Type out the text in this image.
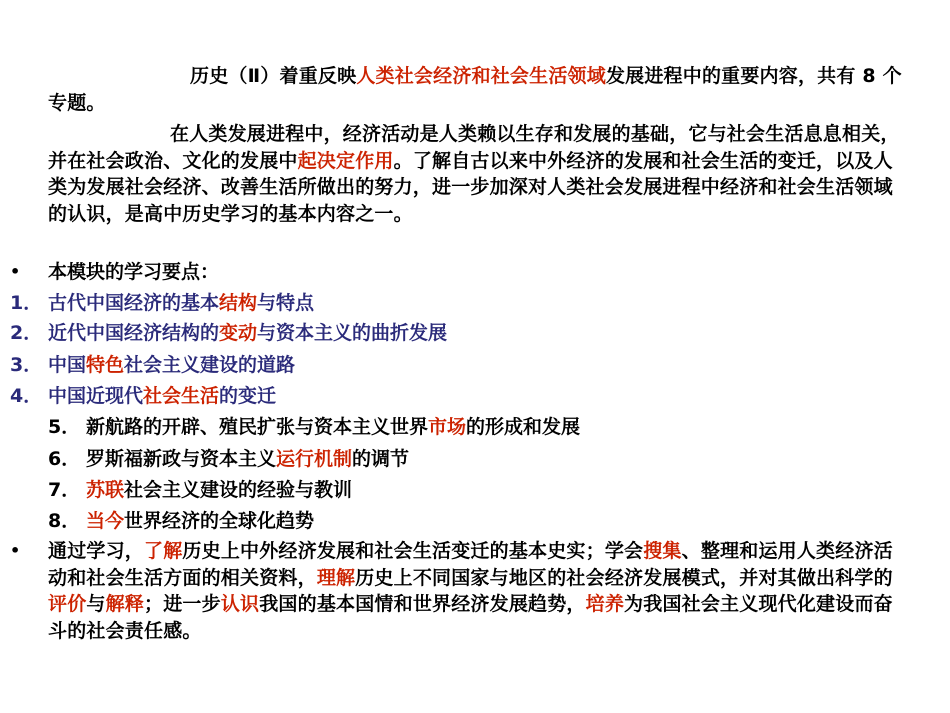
历史（Ⅱ）着重反映人类社会经济和社会生活领域发展进程中的重要内容，共有 8 个专题。
在人类发展进程中，经济活动是人类赖以生存和发展的基础，它与社会生活息息相关，并在社会政治、文化的发展中起决定作用。了解自古以来中外经济的发展和社会生活的变迁，以及人类为发展社会经济、改善生活所做出的努力，进一步加深对人类社会发展进程中经济和社会生活领域的认识，是高中历史学习的基本内容之一。
• 本模块的学习要点：
1． 古代中国经济的基本结构与特点
2． 近代中国经济结构的变动与资本主义的曲折发展
3． 中国特色社会主义建设的道路
4． 中国近现代社会生活的变迁
5． 新航路的开辟、殖民扩张与资本主义世界市场的形成和发展
6． 罗斯福新政与资本主义运行机制的调节
7． 苏联社会主义建设的经验与教训
8． 当今世界经济的全球化趋势
• 通过学习，了解历史上中外经济发展和社会生活变迁的基本史实；学会搜集、整理和运用人类经济活动和社会生活方面的相关资料，理解历史上不同国家与地区的社会经济发展模式，并对其做出科学的评价与解释；进一步认识我国的基本国情和世界经济发展趋势，培养为我国社会主义现代化建设而奋斗的社会责任感。
